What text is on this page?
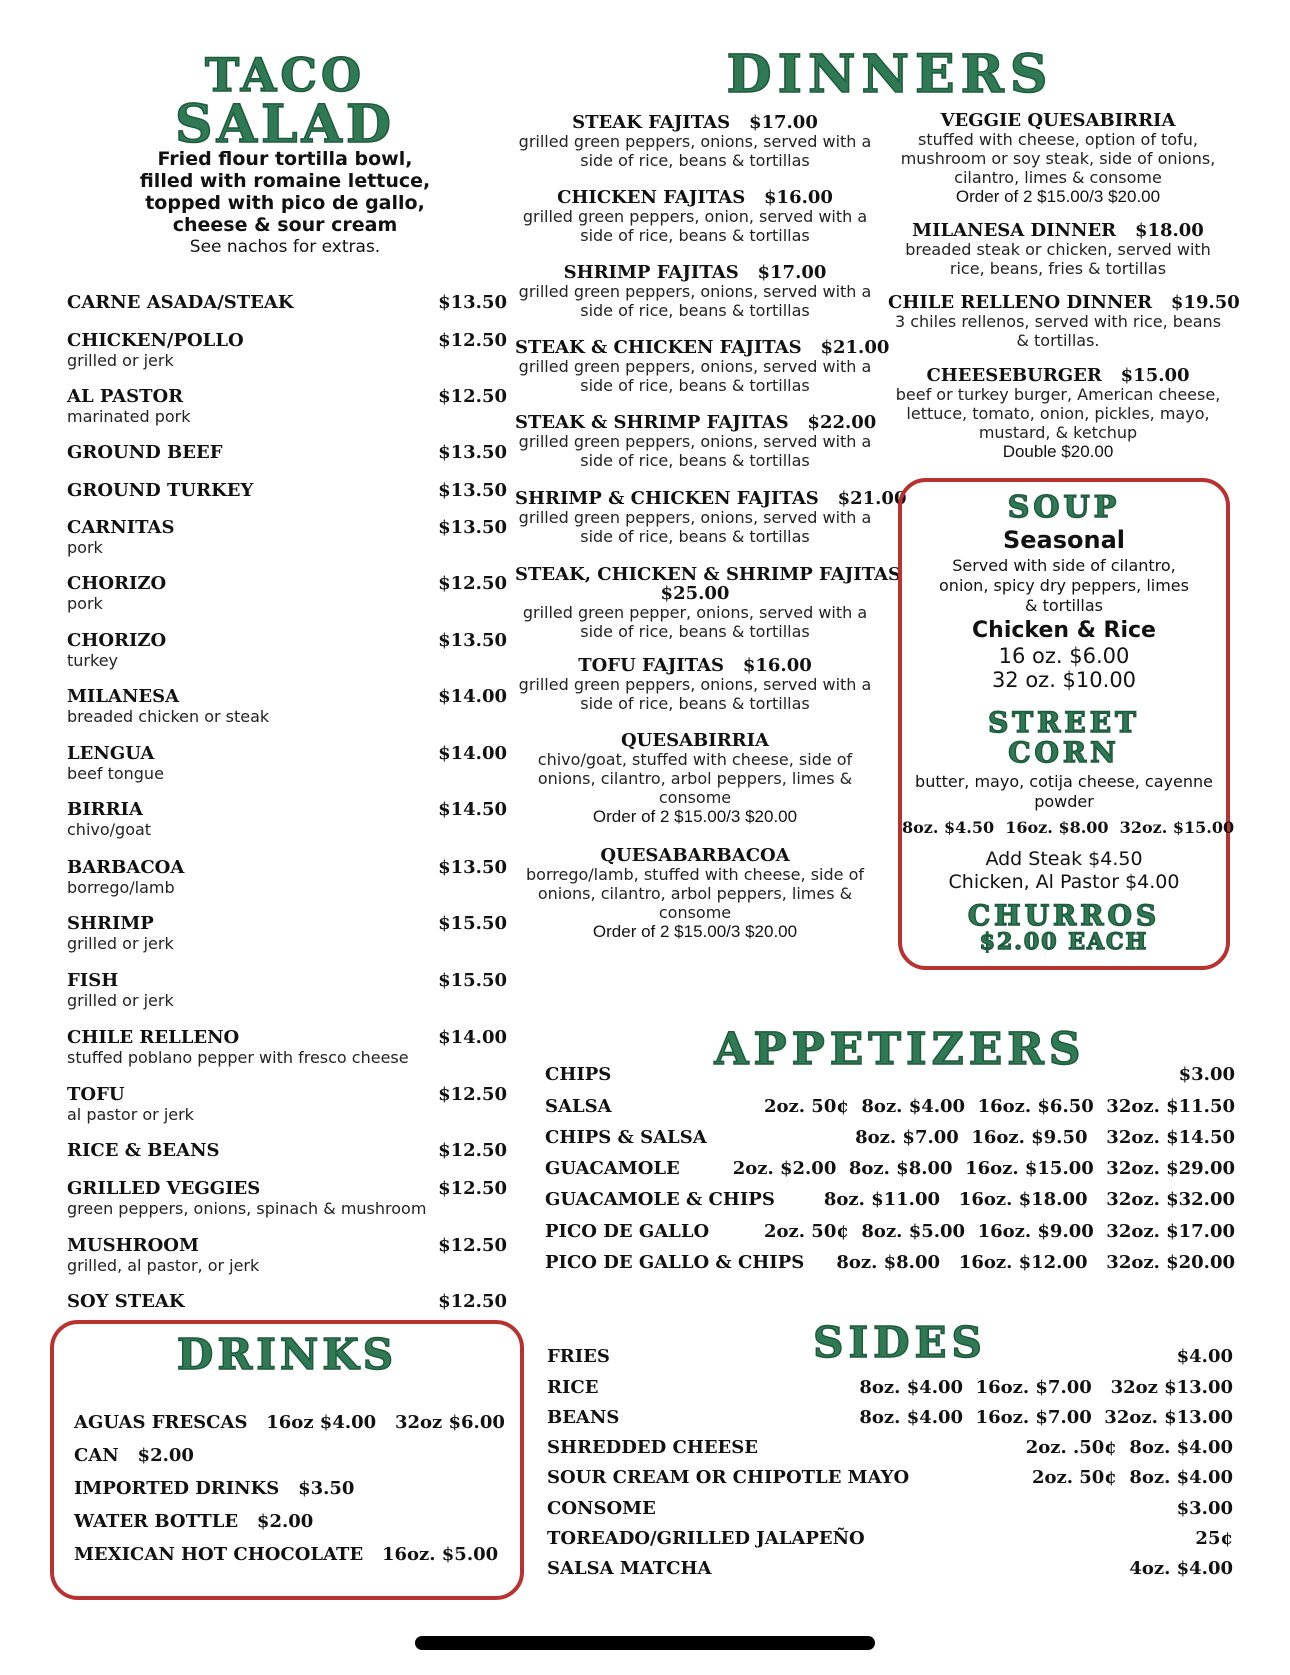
TACO
SALAD
Fried flour tortilla bowl,
filled with romaine lettuce,
topped with pico de gallo,
cheese & sour cream
See nachos for extras.
CARNE ASADA/STEAK	$13.50
CHICKEN/POLLO	$12.50
grilled or jerk
AL PASTOR	$12.50
marinated pork
GROUND BEEF	$13.50
GROUND TURKEY	$13.50
CARNITAS	$13.50
pork
CHORIZO	$12.50
pork
CHORIZO	$13.50
turkey
MILANESA	$14.00
breaded chicken or steak
LENGUA	$14.00
beef tongue
BIRRIA	$14.50
chivo/goat
BARBACOA	$13.50
borrego/lamb
SHRIMP	$15.50
grilled or jerk
FISH	$15.50
grilled or jerk
CHILE RELLENO	$14.00
stuffed poblano pepper with fresco cheese
TOFU	$12.50
al pastor or jerk
RICE & BEANS	$12.50
GRILLED VEGGIES	$12.50
green peppers, onions, spinach & mushroom
MUSHROOM	$12.50
grilled, al pastor, or jerk
SOY STEAK	$12.50
DRINKS
AGUAS FRESCAS   16oz $4.00   32oz $6.00
CAN   $2.00
IMPORTED DRINKS   $3.50
WATER BOTTLE   $2.00
MEXICAN HOT CHOCOLATE   16oz. $5.00
DINNERS
STEAK FAJITAS   $17.00
grilled green peppers, onions, served with a
side of rice, beans & tortillas
CHICKEN FAJITAS   $16.00
grilled green peppers, onion, served with a
side of rice, beans & tortillas
SHRIMP FAJITAS   $17.00
grilled green peppers, onions, served with a
side of rice, beans & tortillas
STEAK & CHICKEN FAJITAS   $21.00
grilled green peppers, onions, served with a
side of rice, beans & tortillas
STEAK & SHRIMP FAJITAS   $22.00
grilled green peppers, onions, served with a
side of rice, beans & tortillas
SHRIMP & CHICKEN FAJITAS   $21.00
grilled green peppers, onions, served with a
side of rice, beans & tortillas
STEAK, CHICKEN & SHRIMP FAJITAS
$25.00
grilled green pepper, onions, served with a
side of rice, beans & tortillas
TOFU FAJITAS   $16.00
grilled green peppers, onions, served with a
side of rice, beans & tortillas
QUESABIRRIA
chivo/goat, stuffed with cheese, side of
onions, cilantro, arbol peppers, limes &
consome
Order of 2 $15.00/3 $20.00
QUESABARBACOA
borrego/lamb, stuffed with cheese, side of
onions, cilantro, arbol peppers, limes &
consome
Order of 2 $15.00/3 $20.00
VEGGIE QUESABIRRIA
stuffed with cheese, option of tofu,
mushroom or soy steak, side of onions,
cilantro, limes & consome
Order of 2 $15.00/3 $20.00
MILANESA DINNER   $18.00
breaded steak or chicken, served with
rice, beans, fries & tortillas
CHILE RELLENO DINNER   $19.50
3 chiles rellenos, served with rice, beans
& tortillas.
CHEESEBURGER   $15.00
beef or turkey burger, American cheese,
lettuce, tomato, onion, pickles, mayo,
mustard, & ketchup
Double $20.00
SOUP
Seasonal
Served with side of cilantro,
onion, spicy dry peppers, limes
& tortillas
Chicken & Rice
16 oz. $6.00
32 oz. $10.00
STREET
CORN
butter, mayo, cotija cheese, cayenne
powder
8oz. $4.50  16oz. $8.00  32oz. $15.00
Add Steak $4.50
Chicken, Al Pastor $4.00
CHURROS
$2.00 EACH
APPETIZERS
CHIPS	$3.00
SALSA	2oz. 50¢  8oz. $4.00  16oz. $6.50  32oz. $11.50
CHIPS & SALSA	8oz. $7.00  16oz. $9.50   32oz. $14.50
GUACAMOLE	2oz. $2.00  8oz. $8.00  16oz. $15.00  32oz. $29.00
GUACAMOLE & CHIPS	8oz. $11.00   16oz. $18.00   32oz. $32.00
PICO DE GALLO	2oz. 50¢  8oz. $5.00  16oz. $9.00  32oz. $17.00
PICO DE GALLO & CHIPS 8oz. $8.00   16oz. $12.00   32oz. $20.00
SIDES
FRIES	$4.00
RICE	8oz. $4.00  16oz. $7.00   32oz $13.00
BEANS	8oz. $4.00  16oz. $7.00  32oz. $13.00
SHREDDED CHEESE	2oz. .50¢  8oz. $4.00
SOUR CREAM OR CHIPOTLE MAYO	2oz. 50¢  8oz. $4.00
CONSOME	$3.00
TOREADO/GRILLED JALAPEÑO	25¢
SALSA MATCHA	4oz. $4.00
